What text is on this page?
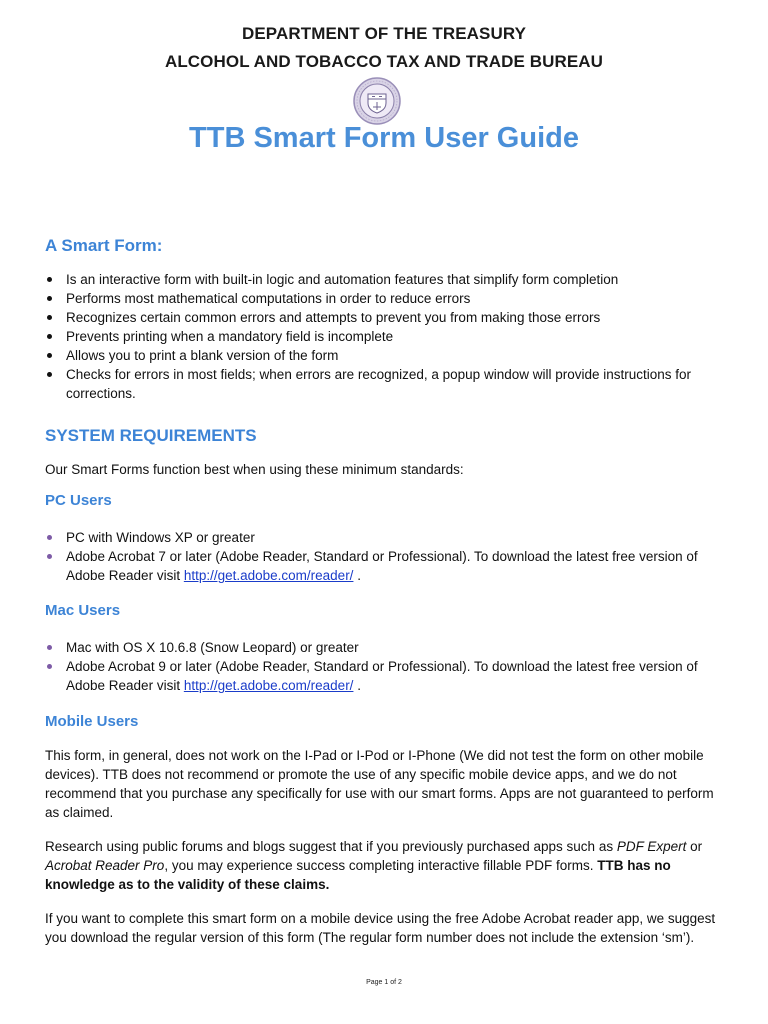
DEPARTMENT OF THE TREASURY
ALCOHOL AND TOBACCO TAX AND TRADE BUREAU
TTB Smart Form User Guide
A Smart Form:
Is an interactive form with built-in logic and automation features that simplify form completion
Performs most mathematical computations in order to reduce errors
Recognizes certain common errors and attempts to prevent you from making those errors
Prevents printing when a mandatory field is incomplete
Allows you to print a blank version of the form
Checks for errors in most fields; when errors are recognized, a popup window will provide instructions for corrections.
SYSTEM REQUIREMENTS
Our Smart Forms function best when using these minimum standards:
PC Users
PC with Windows XP or greater
Adobe Acrobat 7 or later (Adobe Reader, Standard or Professional). To download the latest free version of Adobe Reader visit http://get.adobe.com/reader/ .
Mac Users
Mac with OS X 10.6.8 (Snow Leopard) or greater
Adobe Acrobat 9 or later (Adobe Reader, Standard or Professional). To download the latest free version of Adobe Reader visit http://get.adobe.com/reader/ .
Mobile Users
This form, in general, does not work on the I-Pad or I-Pod or I-Phone (We did not test the form on other mobile devices). TTB does not recommend or promote the use of any specific mobile device apps, and we do not recommend that you purchase any specifically for use with our smart forms. Apps are not guaranteed to perform as claimed.
Research using public forums and blogs suggest that if you previously purchased apps such as PDF Expert or Acrobat Reader Pro, you may experience success completing interactive fillable PDF forms. TTB has no knowledge as to the validity of these claims.
If you want to complete this smart form on a mobile device using the free Adobe Acrobat reader app, we suggest you download the regular version of this form (The regular form number does not include the extension ‘sm’).
Page 1 of 2
